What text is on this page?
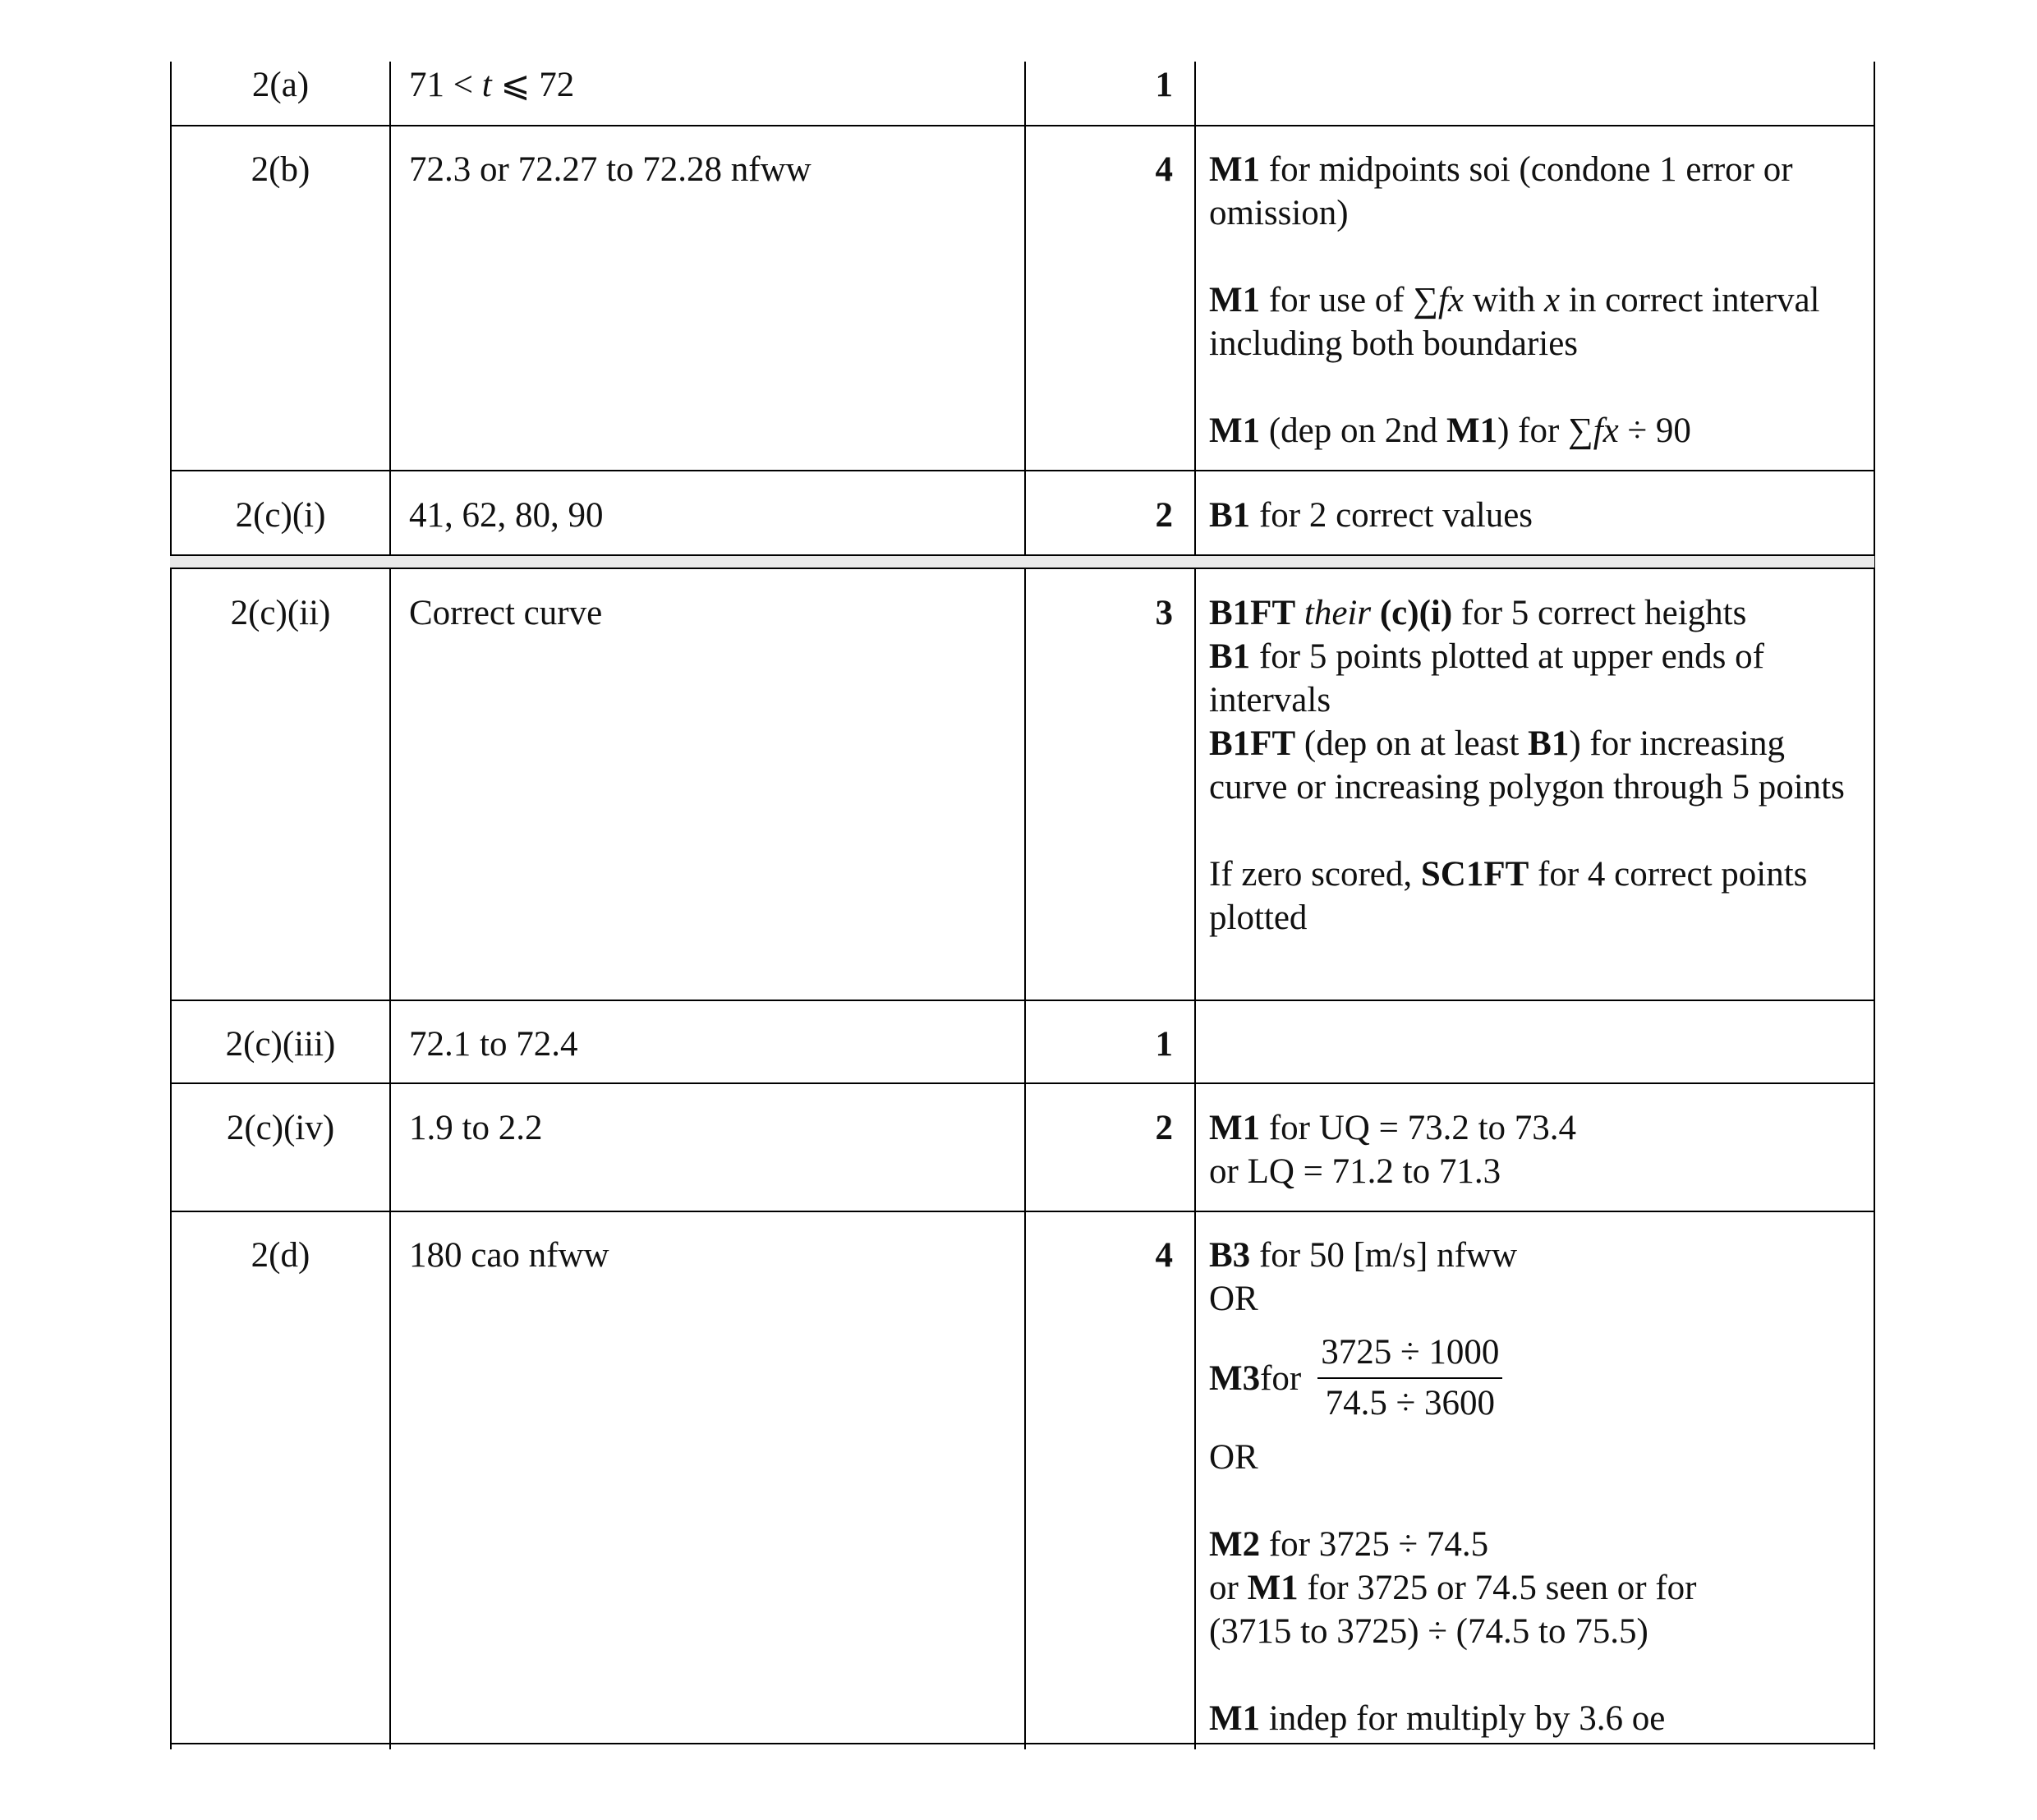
2(a)	71 < t ⩽ 72	1
2(b)	72.3 or 72.27 to 72.28 nfww	4 M1 for midpoints soi (condone 1 error or omission)

M1 for use of ∑fx with x in correct interval including both boundaries

M1 (dep on 2nd M1) for ∑fx ÷ 90

2(c)(i)	41, 62, 80, 90	2 B1 for 2 correct values

2(c)(ii)	Correct curve	3 B1FT their (c)(i) for 5 correct heights

B1 for 5 points plotted at upper ends of intervals

B1FT (dep on at least B1) for increasing curve or increasing polygon through 5 points

If zero scored, SC1FT for 4 correct points plotted

2(c)(iii)	72.1 to 72.4	1
2(c)(iv)	1.9 to 2.2	2 M1 for UQ = 73.2 to 73.4

or LQ = 71.2 to 71.3

2(d)	180 cao nfww	4 B3 for 50 [m/s] nfww

OR

M3 for $\frac{3725 \div 1000}{74.5 \div 3600}$

OR

M2 for 3725 ÷ 74.5

or M1 for 3725 or 74.5 seen or for

(3715 to 3725) ÷ (74.5 to 75.5)

M1 indep for multiply by 3.6 oe
